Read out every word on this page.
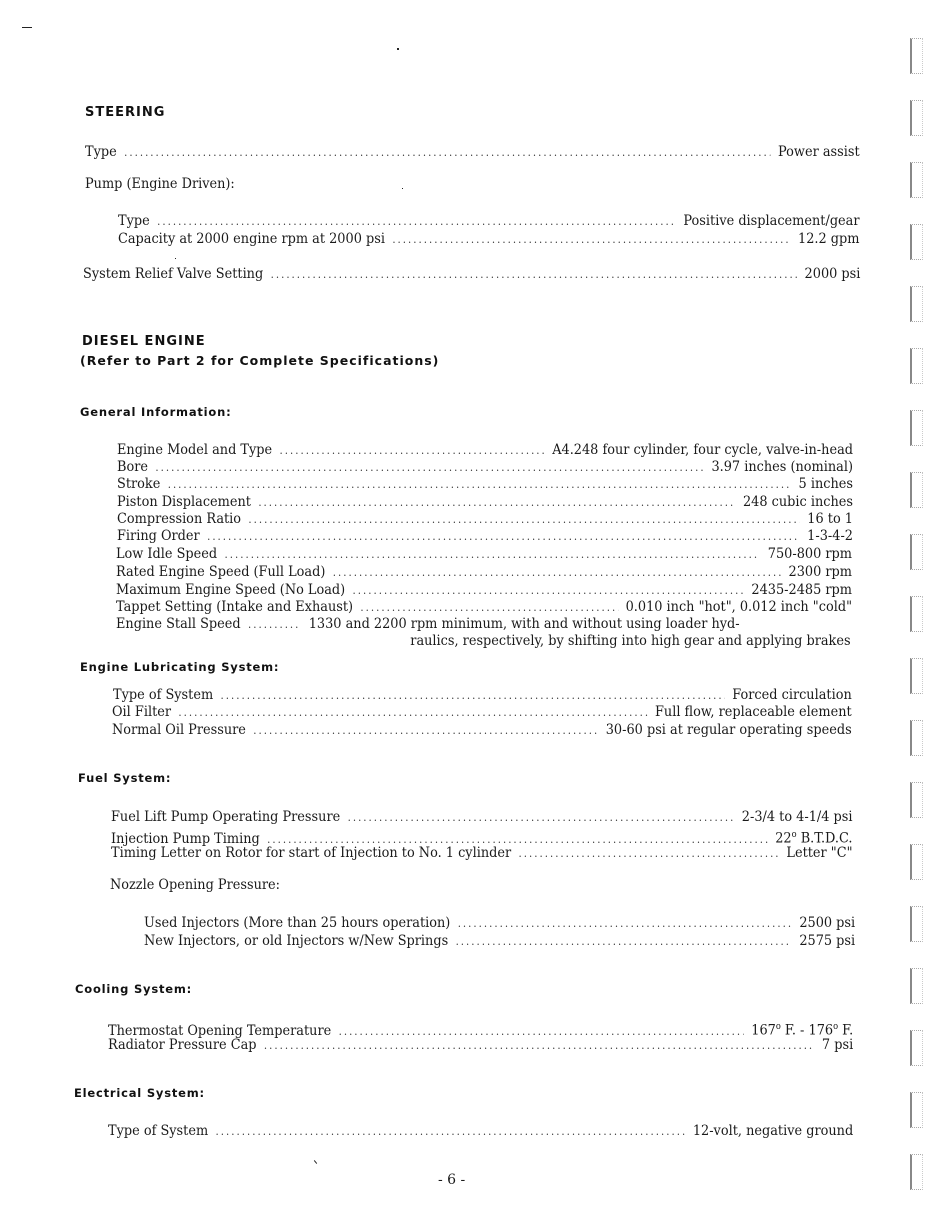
STEERING
Type .....	Power assist
Pump (Engine Driven):
Type .....	Positive displacement/gear
Capacity at 2000 engine rpm at 2000 psi .....	12.2 gpm
System Relief Valve Setting .....	2000 psi
DIESEL ENGINE
(Refer to Part 2 for Complete Specifications)
General Information:
Engine Model and Type .....	A4.248 four cylinder, four cycle, valve-in-head
Bore .....	3.97 inches (nominal)
Stroke .....	5 inches
Piston Displacement .....	248 cubic inches
Compression Ratio .....	16 to 1
Firing Order .....	1-3-4-2
Low Idle Speed .....	750-800 rpm
Rated Engine Speed (Full Load) .....	2300 rpm
Maximum Engine Speed (No Load) .....	2435-2485 rpm
Tappet Setting (Intake and Exhaust) .....	0.010 inch "hot", 0.012 inch "cold"
Engine Stall Speed .....	1330 and 2200 rpm minimum, with and without using loader hyd-
raulics, respectively, by shifting into high gear and applying brakes
Engine Lubricating System:
Type of System .....	Forced circulation
Oil Filter .....	Full flow, replaceable element
Normal Oil Pressure .....	30-60 psi at regular operating speeds
Fuel System:
Fuel Lift Pump Operating Pressure .....	2-3/4 to 4-1/4 psi
Injection Pump Timing .....	22$^o$ B.T.D.C.
Timing Letter on Rotor for start of Injection to No. 1 cylinder .....	Letter "C"
Nozzle Opening Pressure:
Used Injectors (More than 25 hours operation) .....	2500 psi
New Injectors, or old Injectors w/New Springs .....	2575 psi
Cooling System:
Thermostat Opening Temperature .....	167$^o$ F. - 176$^o$ F.
Radiator Pressure Cap .....	7 psi
Electrical System:
Type of System .....	12-volt, negative ground
- 6 -
